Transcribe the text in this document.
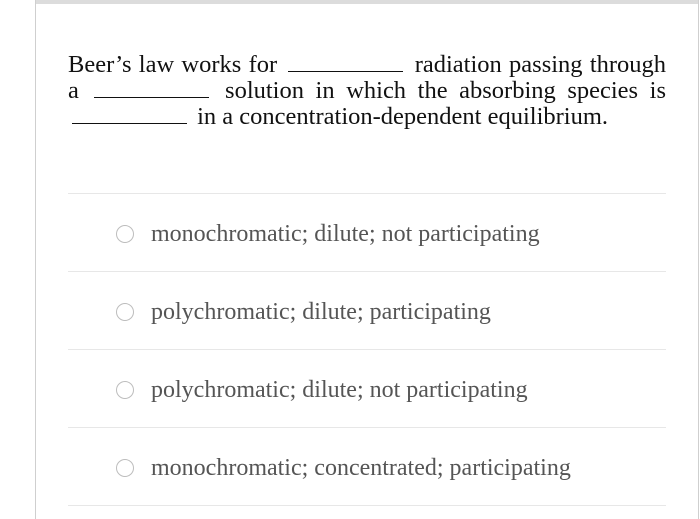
Beer’s law works for	radiation passing through a	solution in which the absorbing species is  in a concentration-dependent equilibrium.

monochromatic; dilute; not participating
polychromatic; dilute; participating
polychromatic; dilute; not participating
monochromatic; concentrated; participating
